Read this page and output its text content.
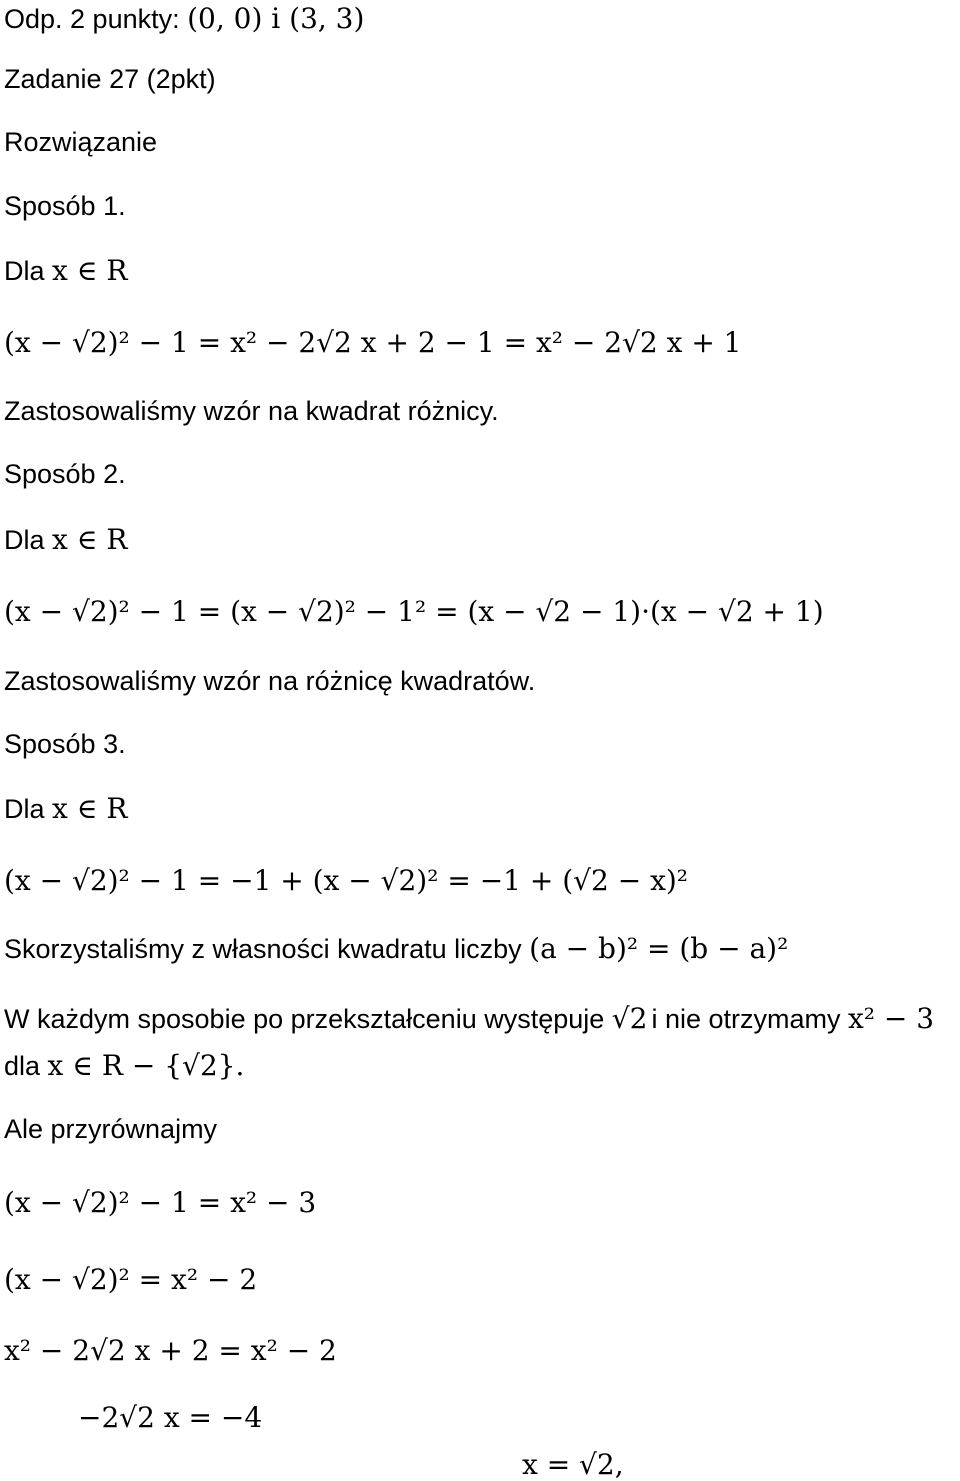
Odp. 2 punkty: (0, 0) i (3, 3)
Zadanie 27 (2pkt)
Rozwiązanie
Sposób 1.
Dla x ∈ R
(x − √2)² − 1 = x² − 2√2 x + 2 − 1 = x² − 2√2 x + 1
Zastosowaliśmy wzór na kwadrat różnicy.
Sposób 2.
Dla x ∈ R
(x − √2)² − 1 = (x − √2)² − 1² = (x − √2 − 1)·(x − √2 + 1)
Zastosowaliśmy wzór na różnicę kwadratów.
Sposób 3.
Dla x ∈ R
(x − √2)² − 1 = −1 + (x − √2)² = −1 + (√2 − x)²
Skorzystaliśmy z własności kwadratu liczby (a − b)² = (b − a)²
W każdym sposobie po przekształceniu występuje √2 i nie otrzymamy x² − 3
dla x ∈ R − {√2}.
Ale przyrównajmy
(x − √2)² − 1 = x² − 3
(x − √2)² = x² − 2
x² − 2√2 x + 2 = x² − 2
−2√2 x = −4
x = √2,
